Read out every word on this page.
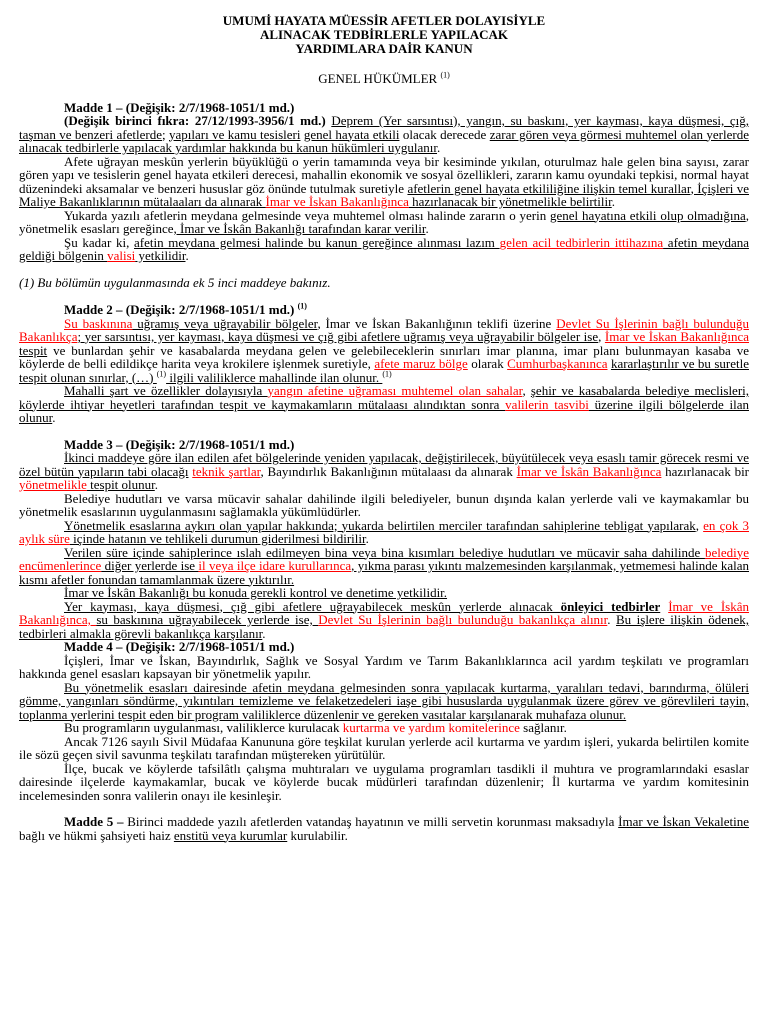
UMUMİ HAYATA MÜESSİR AFETLER DOLAYISİYLE
ALINACAK TEDBİRLERLE YAPILACAK
YARDIMLARA DAİR KANUN
GENEL HÜKÜMLER $^{(1)}$

Madde 1 – (Değişik: 2/7/1968-1051/1 md.)

(Değişik birinci fıkra: 27/12/1993-3956/1 md.) Deprem (Yer sarsıntısı), yangın, su baskını, yer kayması, kaya düşmesi, çığ, taşman ve benzeri afetlerde; yapıları ve kamu tesisleri genel hayata etkili olacak derecede zarar gören veya görmesi muhtemel olan yerlerde alınacak tedbirlerle yapılacak yardımlar hakkında bu kanun hükümleri uygulanır.

Afete uğrayan meskûn yerlerin büyüklüğü o yerin tamamında veya bir kesiminde yıkılan, oturulmaz hale gelen bina sayısı, zarar gören yapı ve tesislerin genel hayata etkileri derecesi, mahallin ekonomik ve sosyal özellikleri, zararın kamu oyundaki tepkisi, normal hayat düzenindeki aksamalar ve benzeri hususlar göz önünde tutulmak suretiyle afetlerin genel hayata etkililiğine ilişkin temel kurallar, İçişleri ve Maliye Bakanlıklarının mütalaaları da alınarak İmar ve İskan Bakanlığınca hazırlanacak bir yönetmelikle belirtilir.

Yukarda yazılı afetlerin meydana gelmesinde veya muhtemel olması halinde zararın o yerin genel hayatına etkili olup olmadığına, yönetmelik esasları gereğince, İmar ve İskân Bakanlığı tarafından karar verilir.

Şu kadar ki, afetin meydana gelmesi halinde bu kanun gereğince alınması lazım gelen acil tedbirlerin ittihazına afetin meydana geldiği bölgenin valisi yetkilidir.

(1) Bu bölümün uygulanmasında ek 5 inci maddeye bakınız.

Madde 2 – (Değişik: 2/7/1968-1051/1 md.) $^{(1)}$

Su baskınına uğramış veya uğrayabilir bölgeler, İmar ve İskan Bakanlığının teklifi üzerine Devlet Su İşlerinin bağlı bulunduğu Bakanlıkça; yer sarsıntısı, yer kayması, kaya düşmesi ve çığ gibi afetlere uğramış veya uğrayabilir bölgeler ise, İmar ve İskan Bakanlığınca tespit ve bunlardan şehir ve kasabalarda meydana gelen ve gelebileceklerin sınırları imar planına, imar planı bulunmayan kasaba ve köylerde de belli edildikçe harita veya krokilere işlenmek suretiyle, afete maruz bölge olarak Cumhurbaşkanınca kararlaştırılır ve bu suretle tespit olunan sınırlar, (…) $^{(1)}$ ilgili valiliklerce mahallinde ilan olunur. $^{(1)}$

Mahalli şart ve özellikler dolayısıyla yangın afetine uğraması muhtemel olan sahalar, şehir ve kasabalarda belediye meclisleri, köylerde ihtiyar heyetleri tarafından tespit ve kaymakamların mütalaası alındıktan sonra valilerin tasvibi üzerine ilgili bölgelerde ilan olunur.

Madde 3 – (Değişik: 2/7/1968-1051/1 md.)

İkinci maddeye göre ilan edilen afet bölgelerinde yeniden yapılacak, değiştirilecek, büyütülecek veya esaslı tamir görecek resmi ve özel bütün yapıların tabi olacağı teknik şartlar, Bayındırlık Bakanlığının mütalaası da alınarak İmar ve İskân Bakanlığınca hazırlanacak bir yönetmelikle tespit olunur.

Belediye hudutları ve varsa mücavir sahalar dahilinde ilgili belediyeler, bunun dışında kalan yerlerde vali ve kaymakamlar bu yönetmelik esaslarının uygulanmasını sağlamakla yükümlüdürler.

Yönetmelik esaslarına aykırı olan yapılar hakkında; yukarda belirtilen merciler tarafından sahiplerine tebligat yapılarak, en çok 3 aylık süre içinde hatanın ve tehlikeli durumun giderilmesi bildirilir.

Verilen süre içinde sahiplerince ıslah edilmeyen bina veya bina kısımları belediye hudutları ve mücavir saha dahilinde belediye encümenlerince diğer yerlerde ise il veya ilçe idare kurullarınca, yıkma parası yıkıntı malzemesinden karşılanmak, yetmemesi halinde kalan kısmı afetler fonundan tamamlanmak üzere yıktırılır.

İmar ve İskân Bakanlığı bu konuda gerekli kontrol ve denetime yetkilidir.

Yer kayması, kaya düşmesi, çığ gibi afetlere uğrayabilecek meskûn yerlerde alınacak önleyici tedbirler İmar ve İskân Bakanlığınca, su baskınına uğrayabilecek yerlerde ise, Devlet Su İşlerinin bağlı bulunduğu bakanlıkça alınır. Bu işlere ilişkin ödenek, tedbirleri almakla görevli bakanlıkça karşılanır.

Madde 4 – (Değişik: 2/7/1968-1051/1 md.)

İçişleri, İmar ve İskan, Bayındırlık, Sağlık ve Sosyal Yardım ve Tarım Bakanlıklarınca acil yardım teşkilatı ve programları hakkında genel esasları kapsayan bir yönetmelik yapılır.

Bu yönetmelik esasları dairesinde afetin meydana gelmesinden sonra yapılacak kurtarma, yaralıları tedavi, barındırma, ölüleri gömme, yangınları söndürme, yıkıntıları temizleme ve felaketzedeleri iaşe gibi hususlarda uygulanmak üzere görev ve görevlileri tayin, toplanma yerlerini tespit eden bir program valiliklerce düzenlenir ve gereken vasıtalar karşılanarak muhafaza olunur.

Bu programların uygulanması, valiliklerce kurulacak kurtarma ve yardım komitelerince sağlanır.

Ancak 7126 sayılı Sivil Müdafaa Kanununa göre teşkilat kurulan yerlerde acil kurtarma ve yardım işleri, yukarda belirtilen komite ile sözü geçen sivil savunma teşkilatı tarafından müştereken yürütülür.

İlçe, bucak ve köylerde tafsilâtlı çalışma muhtıraları ve uygulama programları tasdikli il muhtıra ve programlarındaki esaslar dairesinde ilçelerde kaymakamlar, bucak ve köylerde bucak müdürleri tarafından düzenlenir; İl kurtarma ve yardım komitesinin incelemesinden sonra valilerin onayı ile kesinleşir.

Madde 5 – Birinci maddede yazılı afetlerden vatandaş hayatının ve milli servetin korunması maksadıyla İmar ve İskan Vekaletine bağlı ve hükmi şahsiyeti haiz enstitü veya kurumlar kurulabilir.
